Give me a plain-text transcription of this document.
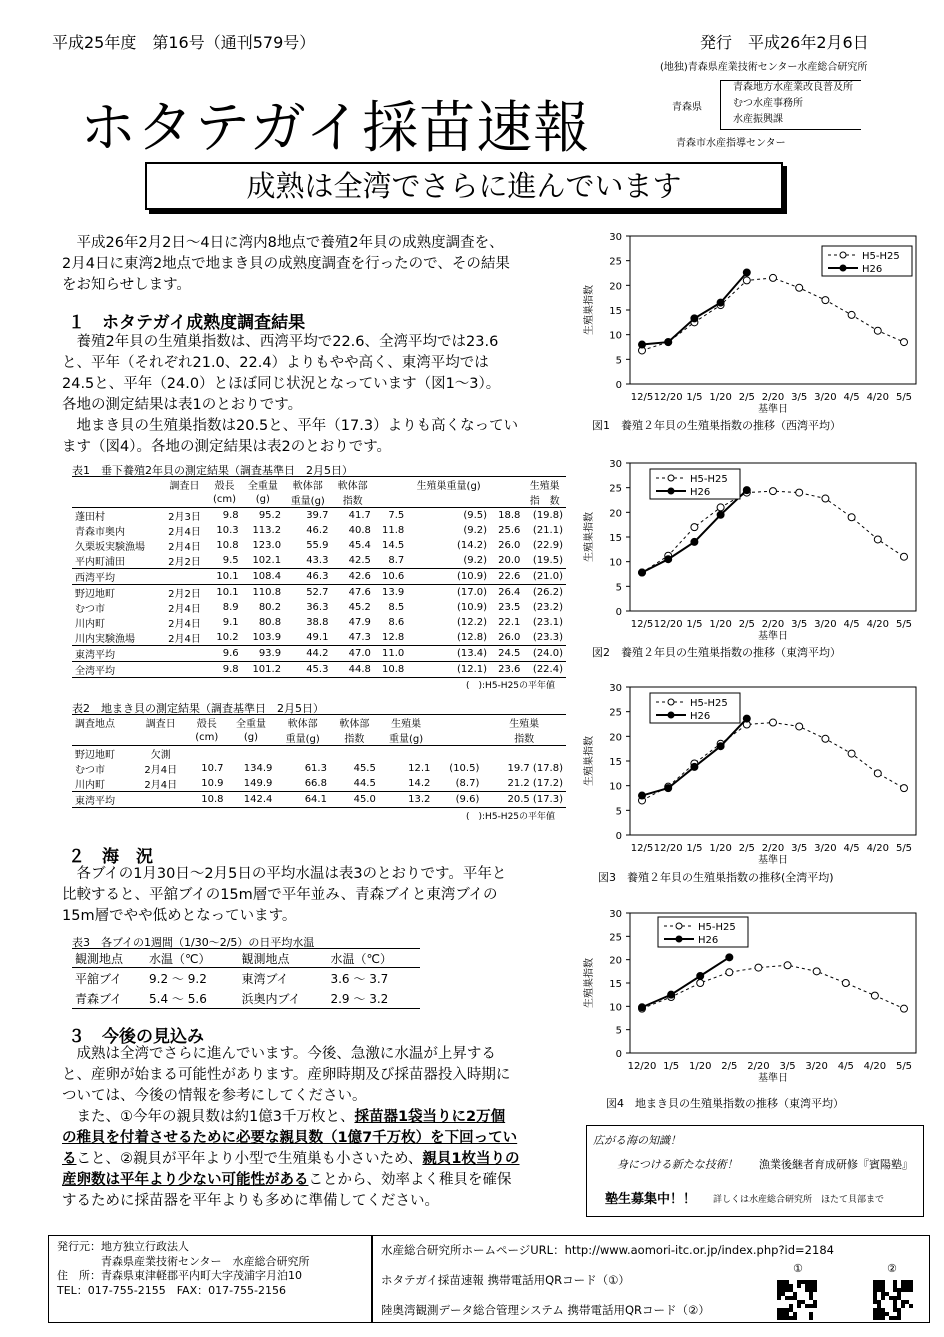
平成25年度　第16号（通刊579号）	発行　平成26年2月6日
(地独)青森県産業技術センター水産総合研究所
ホタテガイ採苗速報	青森県
青森地方水産業改良普及所
むつ水産事務所
水産振興課
青森市水産指導センター
成熟は全湾でさらに進んでいます
　平成26年2月2日～4日に湾内8地点で養殖2年貝の成熟度調査を、
2月4日に東湾2地点で地まき貝の成熟度調査を行ったので、その結果
をお知らせします。
１　ホタテガイ成熟度調査結果
　養殖2年貝の生殖巣指数は、西湾平均で22.6、全湾平均では23.6
と、平年（それぞれ21.0、22.4）よりもやや高く、東湾平均では
24.5と、平年（24.0）とほぼ同じ状況となっています（図1～3）。
各地の測定結果は表1のとおりです。
　地まき貝の生殖巣指数は20.5と、平年（17.3）よりも高くなってい
ます（図4）。各地の測定結果は表2のとおりです。
表1　垂下養殖2年貝の測定結果（調査基準日　2月5日）
	調査日	殻長	全重量	軟体部	軟体部		生殖巣重量(g)		生殖巣
		(cm)	(g)	重量(g)	指数				指　数
蓬田村	2月3日	9.8	95.2	39.7	41.7	7.5	(9.5)	18.8	(19.8)
青森市奥内	2月4日	10.3	113.2	46.2	40.8	11.8	(9.2)	25.6	(21.1)
久栗坂実験漁場	2月4日	10.8	123.0	55.9	45.4	14.5	(14.2)	26.0	(22.9)
平内町浦田	2月2日	9.5	102.1	43.3	42.5	8.7	(9.2)	20.0	(19.5)
西湾平均		10.1	108.4	46.3	42.6	10.6	(10.9)	22.6	(21.0)
野辺地町	2月2日	10.1	110.8	52.7	47.6	13.9	(17.0)	26.4	(26.2)
むつ市	2月4日	8.9	80.2	36.3	45.2	8.5	(10.9)	23.5	(23.2)
川内町	2月4日	9.1	80.8	38.8	47.9	8.6	(12.2)	22.1	(23.1)
川内実験漁場	2月4日	10.2	103.9	49.1	47.3	12.8	(12.8)	26.0	(23.3)
東湾平均		9.6	93.9	44.2	47.0	11.0	(13.4)	24.5	(24.0)
全湾平均		9.8	101.2	45.3	44.8	10.8	(12.1)	23.6	(22.4)
(　):H5-H25の平年値
表2　地まき貝の測定結果（調査基準日　2月5日）
調査地点	調査日	殻長	全重量	軟体部	軟体部	生殖巣		生殖巣
		(cm)	(g)	重量(g)	指数	重量(g)		指数
野辺地町	欠測							
むつ市	2月4日	10.7	134.9	61.3	45.5	12.1	(10.5)	19.7 (17.8)
川内町	2月4日	10.9	149.9	66.8	44.5	14.2	(8.7)	21.2 (17.2)
東湾平均		10.8	142.4	64.1	45.0	13.2	(9.6)	20.5 (17.3)
(　):H5-H25の平年値
２　海　況
　各ブイの1月30日～2月5日の平均水温は表3のとおりです。平年と
比較すると、平舘ブイの15m層で平年並み、青森ブイと東湾ブイの
15m層でやや低めとなっています。
表3　各ブイの1週間（1/30～2/5）の日平均水温
観測地点	水温（℃）	観測地点	水温（℃）
平舘ブイ	9.2 ～ 9.2	東湾ブイ	3.6 ～ 3.7
青森ブイ	5.4 ～ 5.6	浜奥内ブイ	2.9 ～ 3.2
３　今後の見込み
　成熟は全湾でさらに進んでいます。今後、急激に水温が上昇する
と、産卵が始まる可能性があります。産卵時期及び採苗器投入時期に
ついては、今後の情報を参考にしてください。
　また、①今年の親貝数は約1億3千万枚と、採苗器1袋当りに2万個
の稚貝を付着させるために必要な親貝数（1億7千万枚）を下回ってい
ること、②親貝が平年より小型で生殖巣も小さいため、親貝1枚当りの
産卵数は平年より少ない可能性があることから、効率よく稚貝を確保
するために採苗器を平年よりも多めに準備してください。
0
5
10
15
20
25
30
12/5 12/20 1/5 1/20 2/5 2/20 3/5 3/20 4/5 4/20 5/5
基準日
生殖巣指数
H5-H25
H26
図1　養殖２年貝の生殖巣指数の推移（西湾平均）
0
5
10
15
20
25
30
12/5 12/20 1/5 1/20 2/5 2/20 3/5 3/20 4/5 4/20 5/5
基準日
生殖巣指数
H5-H25
H26
図2　養殖２年貝の生殖巣指数の推移（東湾平均）
0
5
10
15
20
25
30
12/5 12/20 1/5 1/20 2/5 2/20 3/5 3/20 4/5 4/20 5/5
基準日
生殖巣指数
H5-H25
H26
図3　養殖２年貝の生殖巣指数の推移(全湾平均)
0
5
10
15
20
25
30
12/20 1/5 1/20 2/5 2/20 3/5 3/20 4/5 4/20 5/5
基準日
生殖巣指数
H5-H25
H26
図4　地まき貝の生殖巣指数の推移（東湾平均）
広がる海の知識！
身につける新たな技術！ 漁業後継者育成研修『賓陽塾』
塾生募集中！！ 詳しくは水産総合研究所　ほたて貝部まで
発行元：地方独立行政法人
　　　　青森県産業技術センター　水産総合研究所
住　所：青森県東津軽郡平内町大字茂浦字月泊10
TEL：017-755-2155　FAX：017-755-2156
水産総合研究所ホームページURL：http://www.aomori-itc.or.jp/index.php?id=2184
ホタテガイ採苗速報 携帯電話用QRコード（①）
陸奥湾観測データ総合管理システム 携帯電話用QRコード（②）
①	②
